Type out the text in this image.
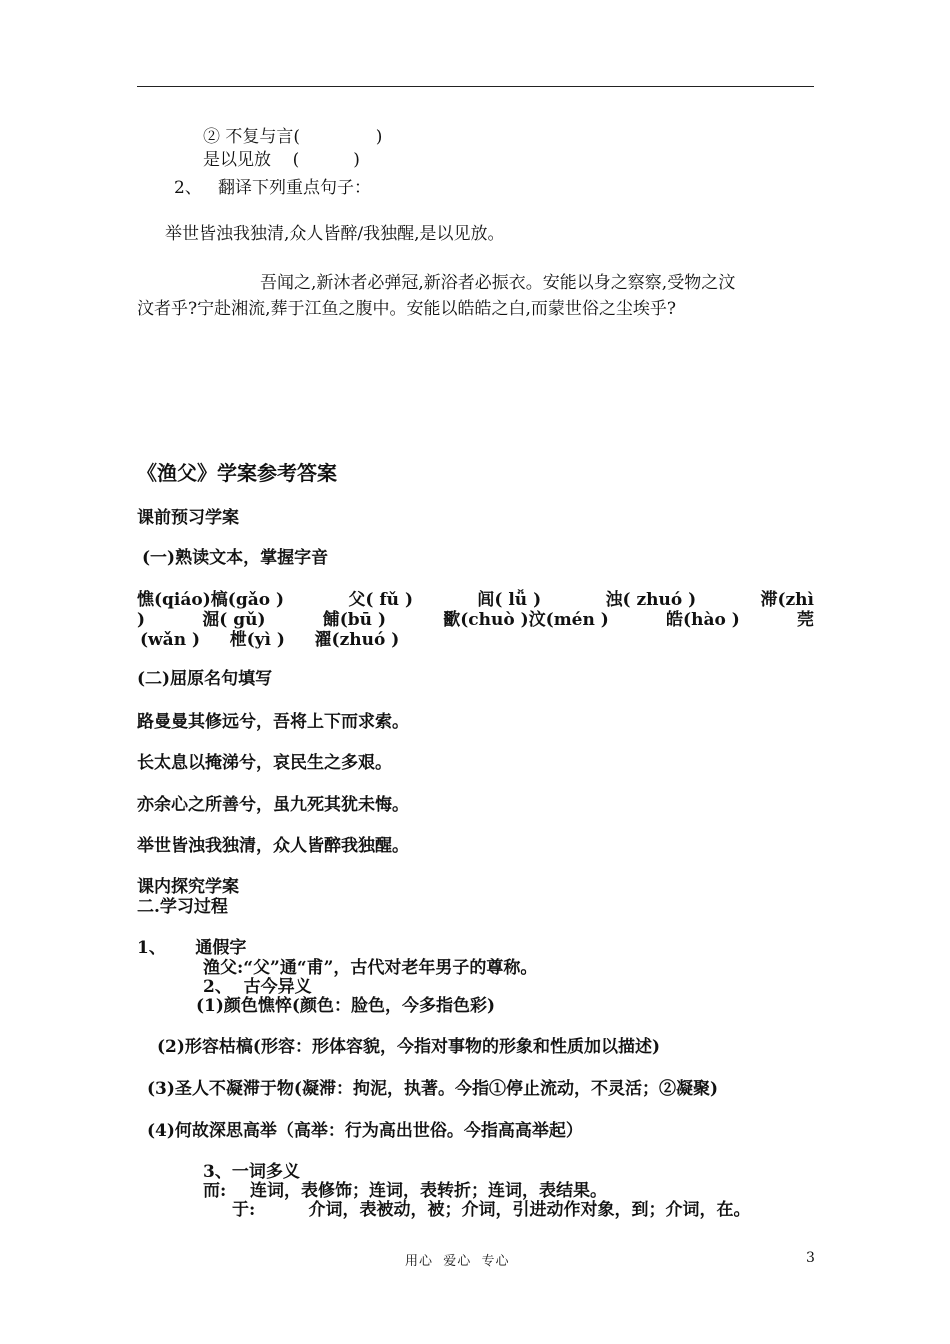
② 不复与言(              )
是以见放    (          )
2、   翻译下列重点句子：
举世皆浊我独清,众人皆醉/我独醒,是以见放。
吾闻之,新沐者必弹冠,新浴者必振衣。安能以身之察察,受物之汶
汶者乎?宁赴湘流,葬于江鱼之腹中。安能以皓皓之白,而蒙世俗之尘埃乎?
《渔父》学案参考答案
课前预习学案
(一)熟读文本，掌握字音
憔(qiáo)槁(gǎo )	父( fǔ )	闾( lǚ )	浊( zhuó )	滞(zhì
)	淈( gǔ)	餔(bū )	歠(chuò )汶(mén )	皓(hào )	莞
(wǎn )     枻(yì )     濯(zhuó )
(二)屈原名句填写
路曼曼其修远兮，吾将上下而求索。
长太息以掩涕兮，哀民生之多艰。
亦余心之所善兮，虽九死其犹未悔。
举世皆浊我独清，众人皆醉我独醒。
课内探究学案
二.学习过程
1、     通假字
渔父:“父”通“甫”，古代对老年男子的尊称。
2、  古今异义
(1)颜色憔悴(颜色：脸色，今多指色彩)
(2)形容枯槁(形容：形体容貌，今指对事物的形象和性质加以描述)
(3)圣人不凝滞于物(凝滞：拘泥，执著。今指①停止流动，不灵活；②凝聚)
(4)何故深思高举（高举：行为高出世俗。今指高高举起）
3、一词多义
而:    连词，表修饰；连词，表转折；连词，表结果。
于:         介词，表被动，被；介词，引进动作对象，到；介词，在。
用心  爱心  专心	3
